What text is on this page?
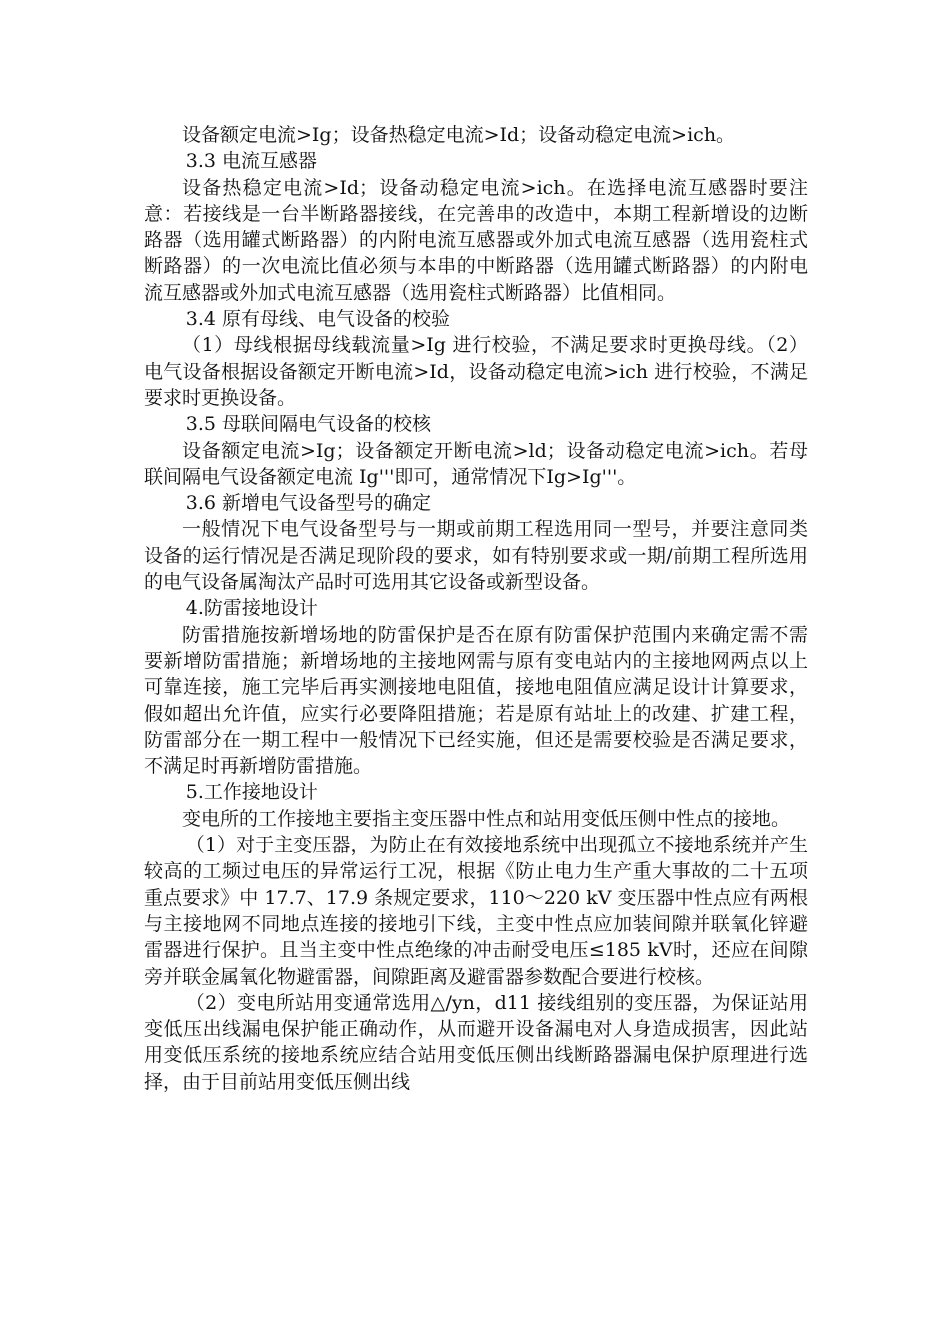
设备额定电流>Ig；设备热稳定电流>Id；设备动稳定电流>ich。

3.3 电流互感器

设备热稳定电流>Id；设备动稳定电流>ich。在选择电流互感器时要注意：若接线是一台半断路器接线，在完善串的改造中，本期工程新增设的边断路器（选用罐式断路器）的内附电流互感器或外加式电流互感器（选用瓷柱式断路器）的一次电流比值必须与本串的中断路器（选用罐式断路器）的内附电流互感器或外加式电流互感器（选用瓷柱式断路器）比值相同。

3.4 原有母线、电气设备的校验

（1）母线根据母线载流量>Ig 进行校验，不满足要求时更换母线。（2）电气设备根据设备额定开断电流>Id，设备动稳定电流>ich 进行校验，不满足要求时更换设备。

3.5 母联间隔电气设备的校核

设备额定电流>Ig；设备额定开断电流>ld；设备动稳定电流>ich。若母联间隔电气设备额定电流 Ig'''即可，通常情况下Ig>Ig'''。

3.6 新增电气设备型号的确定

一般情况下电气设备型号与一期或前期工程选用同一型号，并要注意同类设备的运行情况是否满足现阶段的要求，如有特别要求或一期/前期工程所选用的电气设备属淘汰产品时可选用其它设备或新型设备。

4.防雷接地设计

防雷措施按新增场地的防雷保护是否在原有防雷保护范围内来确定需不需要新增防雷措施；新增场地的主接地网需与原有变电站内的主接地网两点以上可靠连接，施工完毕后再实测接地电阻值，接地电阻值应满足设计计算要求，假如超出允许值，应实行必要降阻措施；若是原有站址上的改建、扩建工程，防雷部分在一期工程中一般情况下已经实施，但还是需要校验是否满足要求，不满足时再新增防雷措施。

5.工作接地设计

变电所的工作接地主要指主变压器中性点和站用变低压侧中性点的接地。

（1）对于主变压器，为防止在有效接地系统中出现孤立不接地系统并产生较高的工频过电压的异常运行工况，根据《防止电力生产重大事故的二十五项重点要求》中 17.7、17.9 条规定要求，110～220 kV 变压器中性点应有两根与主接地网不同地点连接的接地引下线，主变中性点应加装间隙并联氧化锌避雷器进行保护。且当主变中性点绝缘的冲击耐受电压≤185 kV时，还应在间隙旁并联金属氧化物避雷器，间隙距离及避雷器参数配合要进行校核。

（2）变电所站用变通常选用△/yn，d11 接线组别的变压器，为保证站用变低压出线漏电保护能正确动作，从而避开设备漏电对人身造成损害，因此站用变低压系统的接地系统应结合站用变低压侧出线断路器漏电保护原理进行选择，由于目前站用变低压侧出线
